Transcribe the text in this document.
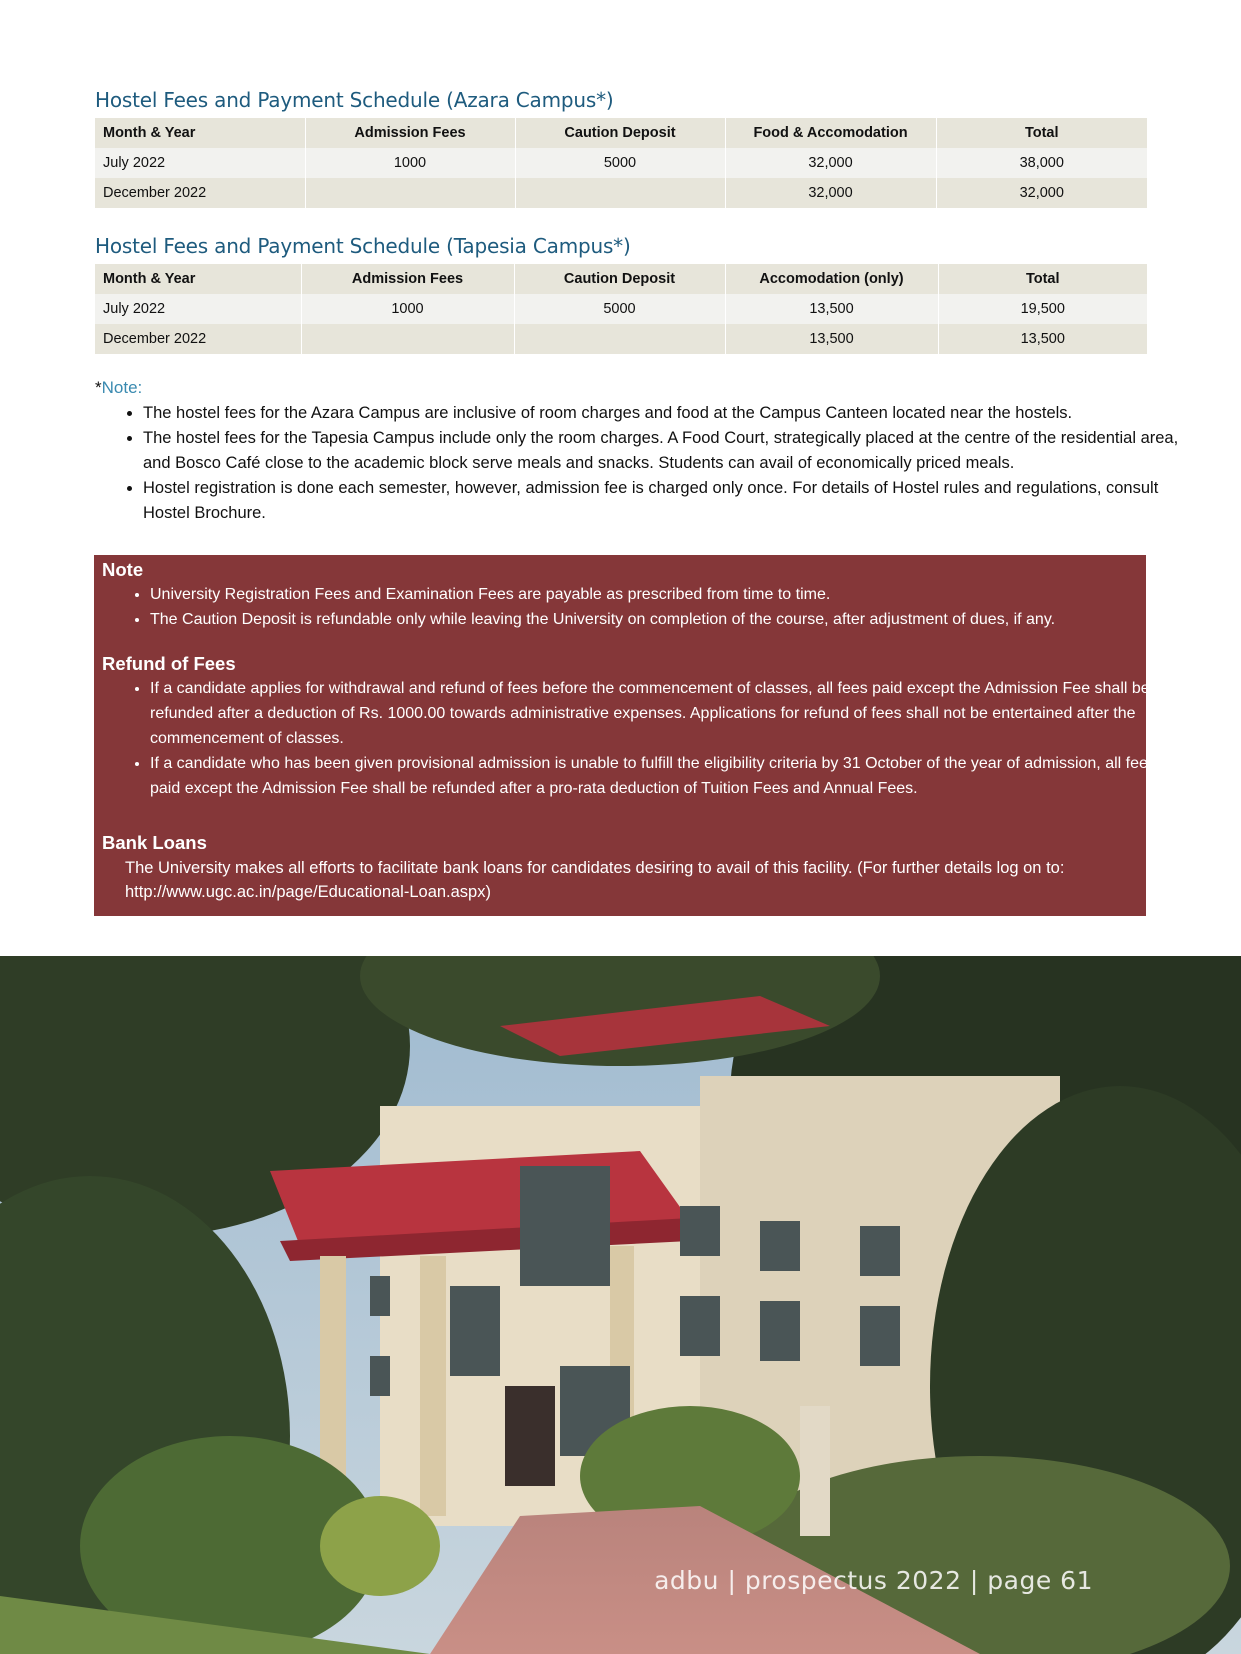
Hostel Fees and Payment Schedule (Azara Campus*)
Month & Year	Admission Fees	Caution Deposit	Food & Accomodation	Total
July 2022	1000	5000	32,000	38,000
December 2022			32,000	32,000
Hostel Fees and Payment Schedule (Tapesia Campus*)
Month & Year	Admission Fees	Caution Deposit	Accomodation (only)	Total
July 2022	1000	5000	13,500	19,500
December 2022			13,500	13,500

*Note:

• The hostel fees for the Azara Campus are inclusive of room charges and food at the Campus Canteen located near the hostels.
• The hostel fees for the Tapesia Campus include only the room charges. A Food Court, strategically placed at the centre of the residential area, and Bosco Café close to the academic block serve meals and snacks. Students can avail of economically priced meals.
• Hostel registration is done each semester, however, admission fee is charged only once. For details of Hostel rules and regulations, consult Hostel Brochure.
Note
• University Registration Fees and Examination Fees are payable as prescribed from time to time.
• The Caution Deposit is refundable only while leaving the University on completion of the course, after adjustment of dues, if any.
Refund of Fees
• If a candidate applies for withdrawal and refund of fees before the commencement of classes, all fees paid except the Admission Fee shall be refunded after a deduction of Rs. 1000.00 towards administrative expenses. Applications for refund of fees shall not be entertained after the commencement of classes.
• If a candidate who has been given provisional admission is unable to fulfill the eligibility criteria by 31 October of the year of admission, all fees paid except the Admission Fee shall be refunded after a pro-rata deduction of Tuition Fees and Annual Fees.
Bank Loans

The University makes all efforts to facilitate bank loans for candidates desiring to avail of this facility. (For further details log on to: http://www.ugc.ac.in/page/Educational-Loan.aspx)

adbu | prospectus 2022 | page 61
